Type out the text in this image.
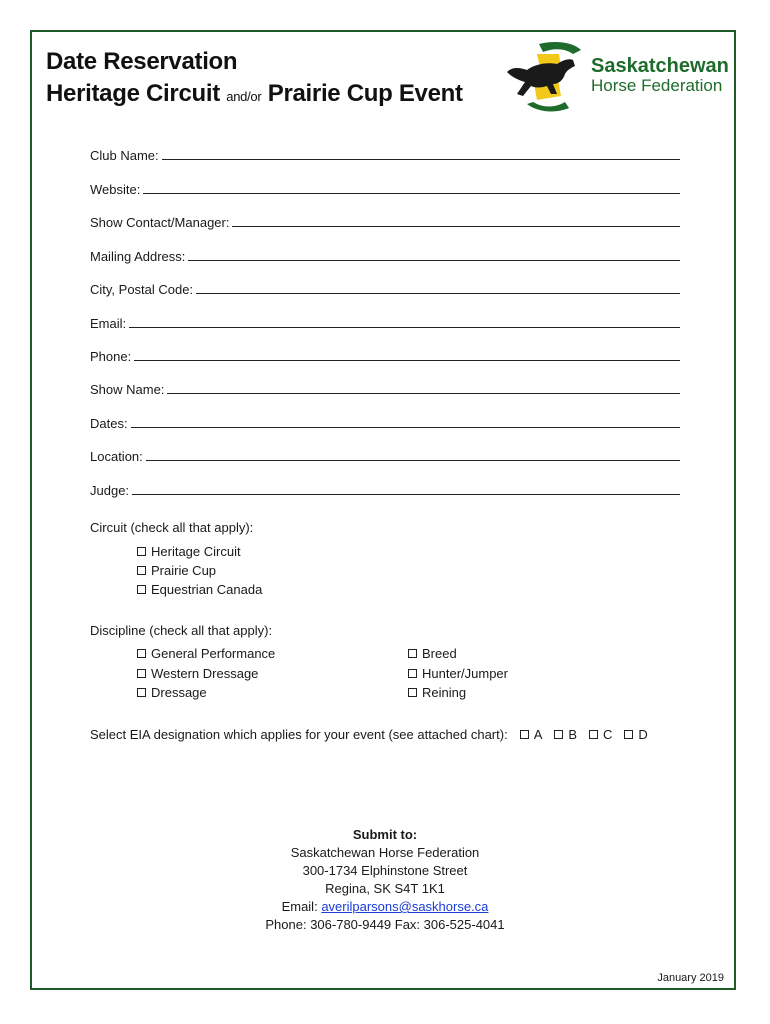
Date Reservation
Heritage Circuit and/or Prairie Cup Event
Saskatchewan
Horse Federation
Club Name:
Website:
Show Contact/Manager:
Mailing Address:
City, Postal Code:
Email:
Phone:
Show Name:
Dates:
Location:
Judge:
Circuit (check all that apply):
Heritage Circuit
Prairie Cup
Equestrian Canada
Discipline (check all that apply):
General Performance
Western Dressage
Dressage
Breed
Hunter/Jumper
Reining
Select EIA designation which applies for your event (see attached chart): A B C D
Submit to:
Saskatchewan Horse Federation
300-1734 Elphinstone Street
Regina, SK S4T 1K1
Email: averilparsons@saskhorse.ca
Phone: 306-780-9449 Fax: 306-525-4041
January 2019
